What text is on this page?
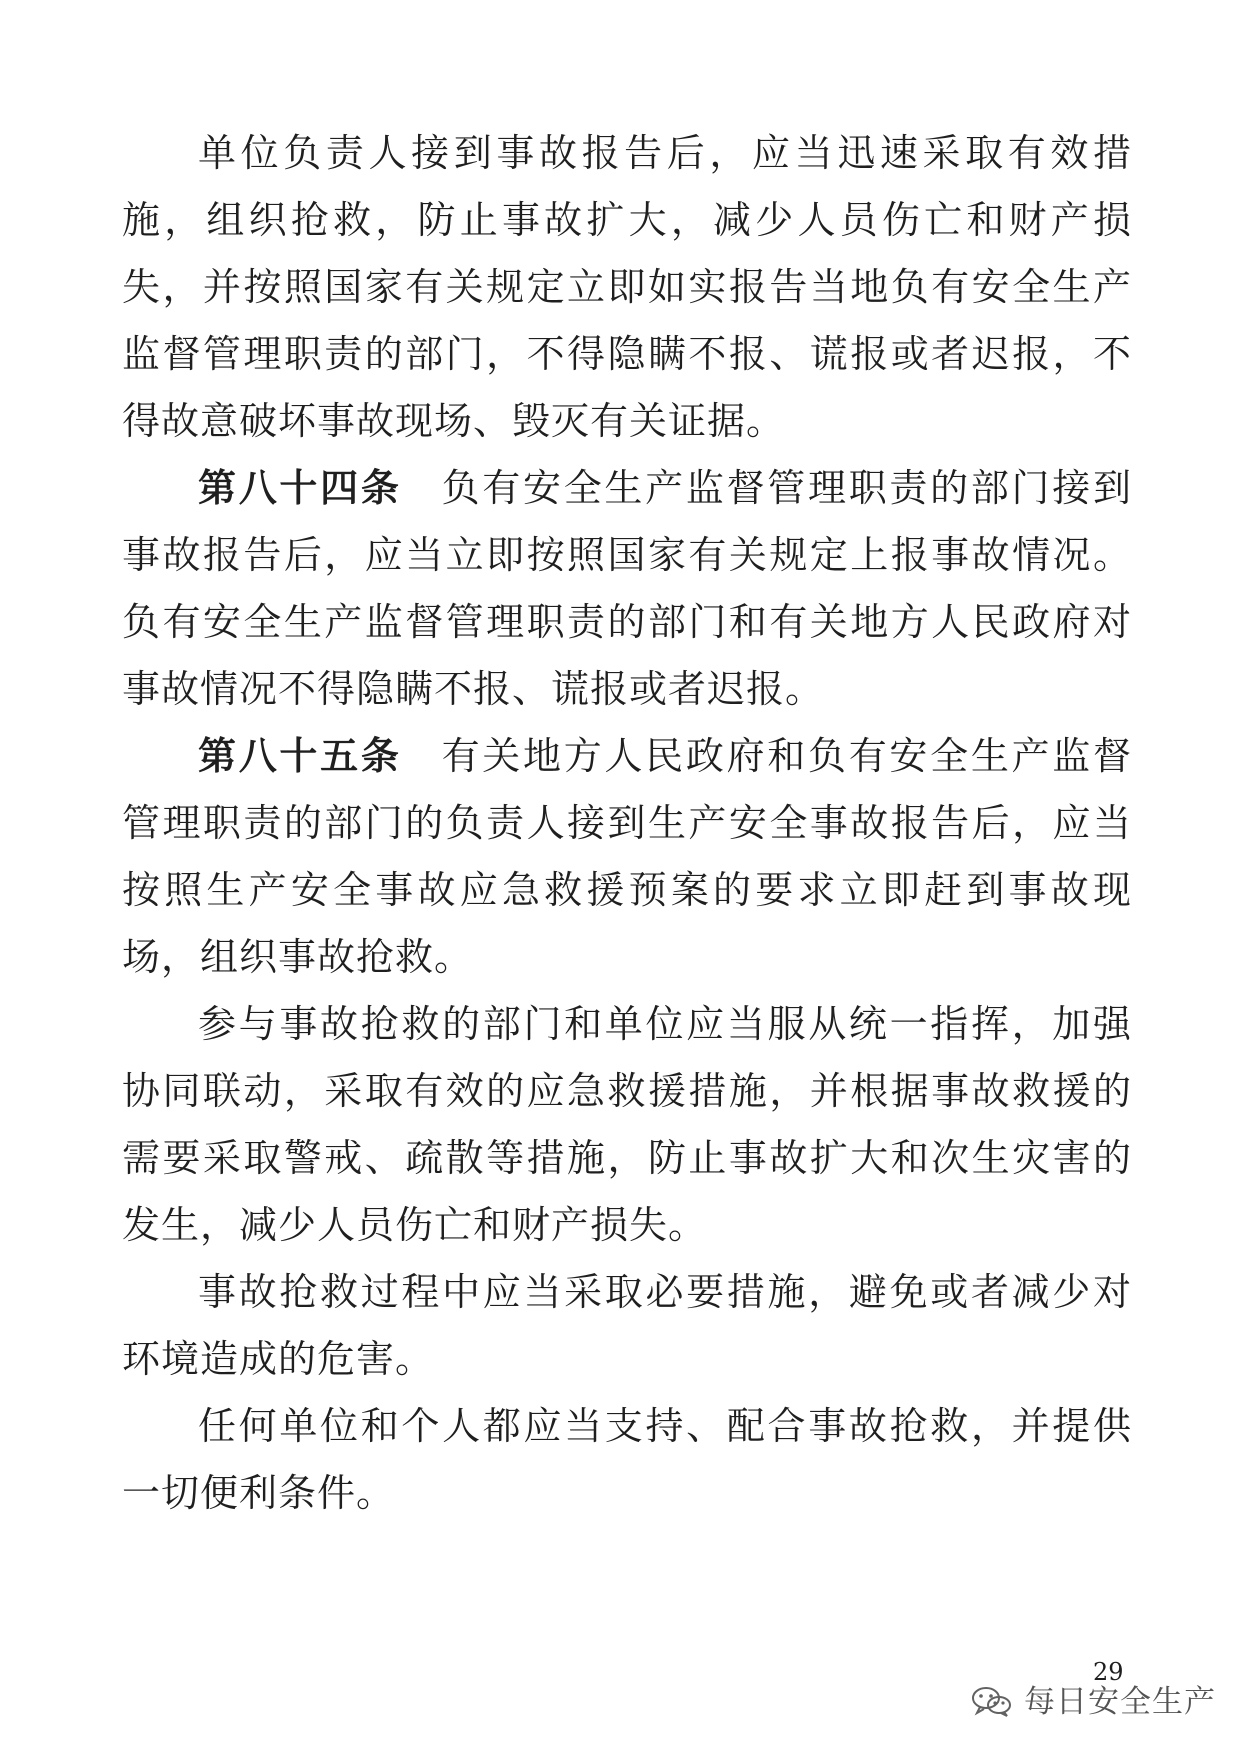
单位负责人接到事故报告后，应当迅速采取有效措施，组织抢救，防止事故扩大，减少人员伤亡和财产损失，并按照国家有关规定立即如实报告当地负有安全生产监督管理职责的部门，不得隐瞒不报、谎报或者迟报，不得故意破坏事故现场、毁灭有关证据。

第八十四条 负有安全生产监督管理职责的部门接到事故报告后，应当立即按照国家有关规定上报事故情况。负有安全生产监督管理职责的部门和有关地方人民政府对事故情况不得隐瞒不报、谎报或者迟报。

第八十五条 有关地方人民政府和负有安全生产监督管理职责的部门的负责人接到生产安全事故报告后，应当按照生产安全事故应急救援预案的要求立即赶到事故现场，组织事故抢救。

参与事故抢救的部门和单位应当服从统一指挥，加强协同联动，采取有效的应急救援措施，并根据事故救援的需要采取警戒、疏散等措施，防止事故扩大和次生灾害的发生，减少人员伤亡和财产损失。

事故抢救过程中应当采取必要措施，避免或者减少对环境造成的危害。

任何单位和个人都应当支持、配合事故抢救，并提供一切便利条件。

29
每日安全生产
